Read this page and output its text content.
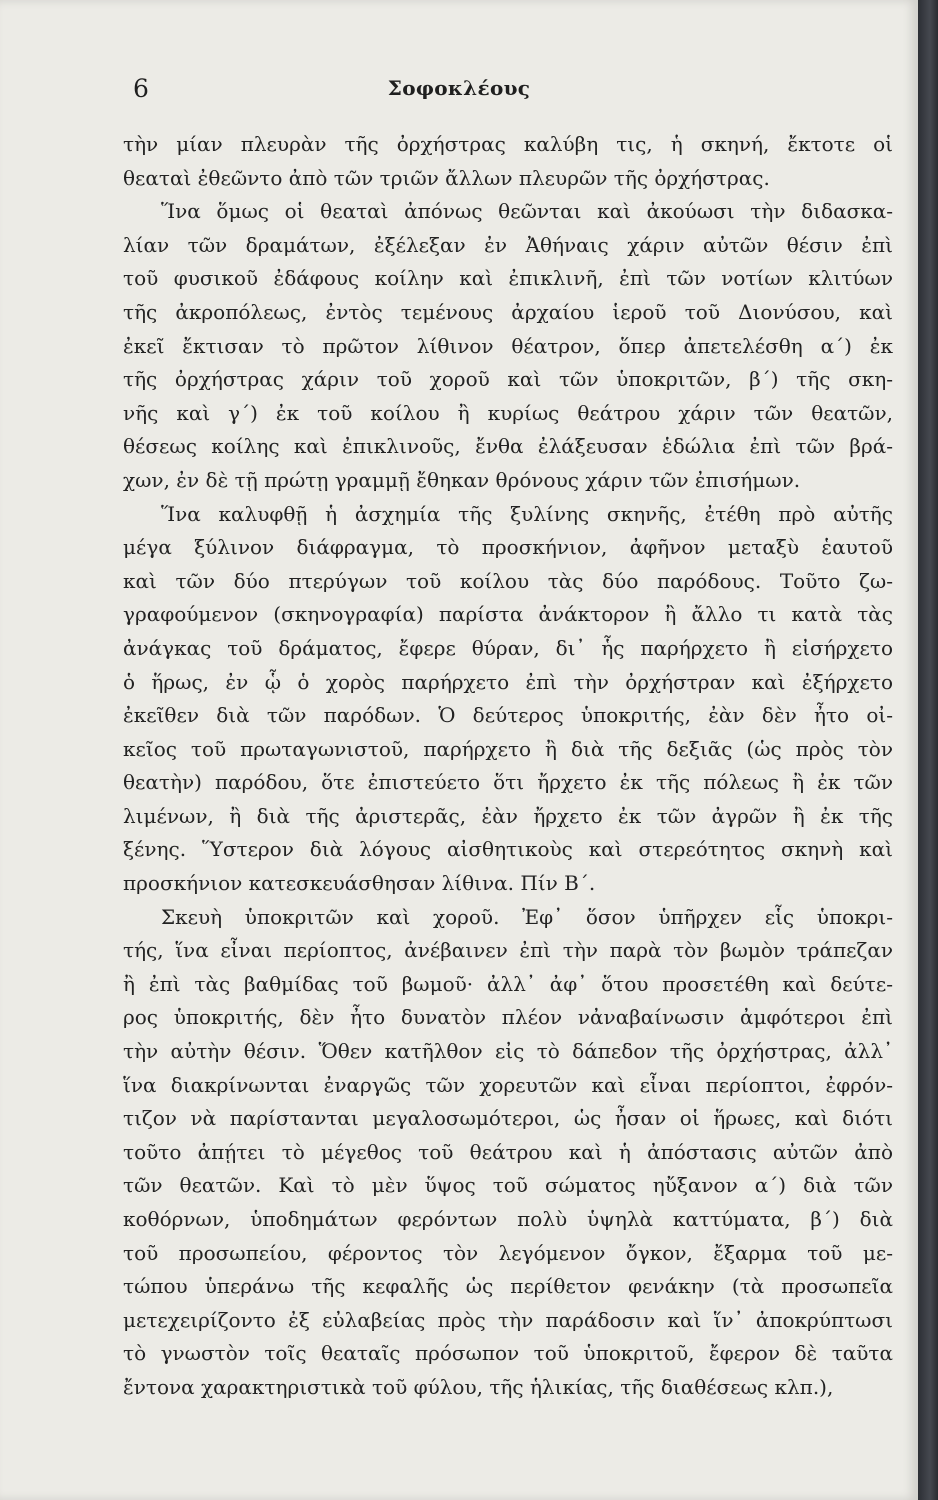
6	Σοφοκλέους
τὴν μίαν πλευρὰν τῆς ὀρχήστρας καλύβη τις, ἡ σκηνή, ἔκτοτε οἱ
θεαταὶ ἐθεῶντο ἀπὸ τῶν τριῶν ἄλλων πλευρῶν τῆς ὀρχήστρας.
Ἵνα ὅμως οἱ θεαταὶ ἀπόνως θεῶνται καὶ ἀκούωσι τὴν διδασκα-
λίαν τῶν δραμάτων, ἐξέλεξαν ἐν Ἀθήναις χάριν αὐτῶν θέσιν ἐπὶ
τοῦ φυσικοῦ ἐδάφους κοίλην καὶ ἐπικλινῆ, ἐπὶ τῶν νοτίων κλιτύων
τῆς ἀκροπόλεως, ἐντὸς τεμένους ἀρχαίου ἱεροῦ τοῦ Διονύσου, καὶ
ἐκεῖ ἔκτισαν τὸ πρῶτον λίθινον θέατρον, ὅπερ ἀπετελέσθη α΄) ἐκ
τῆς ὀρχήστρας χάριν τοῦ χοροῦ καὶ τῶν ὑποκριτῶν, β΄) τῆς σκη-
νῆς καὶ γ΄) ἐκ τοῦ κοίλου ἢ κυρίως θεάτρου χάριν τῶν θεατῶν,
θέσεως κοίλης καὶ ἐπικλινοῦς, ἔνθα ἐλάξευσαν ἑδώλια ἐπὶ τῶν βρά-
χων, ἐν δὲ τῇ πρώτῃ γραμμῇ ἔθηκαν θρόνους χάριν τῶν ἐπισήμων.
Ἵνα καλυφθῇ ἡ ἀσχημία τῆς ξυλίνης σκηνῆς, ἐτέθη πρὸ αὐτῆς
μέγα ξύλινον διάφραγμα, τὸ προσκήνιον, ἀφῆνον μεταξὺ ἑαυτοῦ
καὶ τῶν δύο πτερύγων τοῦ κοίλου τὰς δύο παρόδους. Τοῦτο ζω-
γραφούμενον (σκηνογραφία) παρίστα ἀνάκτορον ἢ ἄλλο τι κατὰ τὰς
ἀνάγκας τοῦ δράματος, ἔφερε θύραν, δι᾽ ἧς παρήρχετο ἢ εἰσήρχετο
ὁ ἥρως, ἐν ᾧ ὁ χορὸς παρήρχετο ἐπὶ τὴν ὀρχήστραν καὶ ἐξήρχετο
ἐκεῖθεν διὰ τῶν παρόδων. Ὁ δεύτερος ὑποκριτής, ἐὰν δὲν ἦτο οἰ-
κεῖος τοῦ πρωταγωνιστοῦ, παρήρχετο ἢ διὰ τῆς δεξιᾶς (ὡς πρὸς τὸν
θεατὴν) παρόδου, ὅτε ἐπιστεύετο ὅτι ἤρχετο ἐκ τῆς πόλεως ἢ ἐκ τῶν
λιμένων, ἢ διὰ τῆς ἀριστερᾶς, ἐὰν ἤρχετο ἐκ τῶν ἀγρῶν ἢ ἐκ τῆς
ξένης. Ὕστερον διὰ λόγους αἰσθητικοὺς καὶ στερεότητος σκηνὴ καὶ
προσκήνιον κατεσκευάσθησαν λίθινα. Πίν Β΄.
Σκευὴ ὑποκριτῶν καὶ χοροῦ. Ἐφ᾽ ὅσον ὑπῆρχεν εἷς ὑποκρι-
τής, ἵνα εἶναι περίοπτος, ἀνέβαινεν ἐπὶ τὴν παρὰ τὸν βωμὸν τράπεζαν
ἢ ἐπὶ τὰς βαθμίδας τοῦ βωμοῦ· ἀλλ᾽ ἀφ᾽ ὅτου προσετέθη καὶ δεύτε-
ρος ὑποκριτής, δὲν ἦτο δυνατὸν πλέον νἀναβαίνωσιν ἀμφότεροι ἐπὶ
τὴν αὐτὴν θέσιν. Ὅθεν κατῆλθον εἰς τὸ δάπεδον τῆς ὀρχήστρας, ἀλλ᾽
ἵνα διακρίνωνται ἐναργῶς τῶν χορευτῶν καὶ εἶναι περίοπτοι, ἐφρόν-
τιζον νὰ παρίστανται μεγαλοσωμότεροι, ὡς ἦσαν οἱ ἥρωες, καὶ διότι
τοῦτο ἀπῄτει τὸ μέγεθος τοῦ θεάτρου καὶ ἡ ἀπόστασις αὐτῶν ἀπὸ
τῶν θεατῶν. Καὶ τὸ μὲν ὕψος τοῦ σώματος ηὔξανον α΄) διὰ τῶν
κοθόρνων, ὑποδημάτων φερόντων πολὺ ὑψηλὰ καττύματα, β΄) διὰ
τοῦ προσωπείου, φέροντος τὸν λεγόμενον ὄγκον, ἔξαρμα τοῦ με-
τώπου ὑπεράνω τῆς κεφαλῆς ὡς περίθετον φενάκην (τὰ προσωπεῖα
μετεχειρίζοντο ἐξ εὐλαβείας πρὸς τὴν παράδοσιν καὶ ἵν᾽ ἀποκρύπτωσι
τὸ γνωστὸν τοῖς θεαταῖς πρόσωπον τοῦ ὑποκριτοῦ, ἔφερον δὲ ταῦτα
ἔντονα χαρακτηριστικὰ τοῦ φύλου, τῆς ἡλικίας, τῆς διαθέσεως κλπ.),
